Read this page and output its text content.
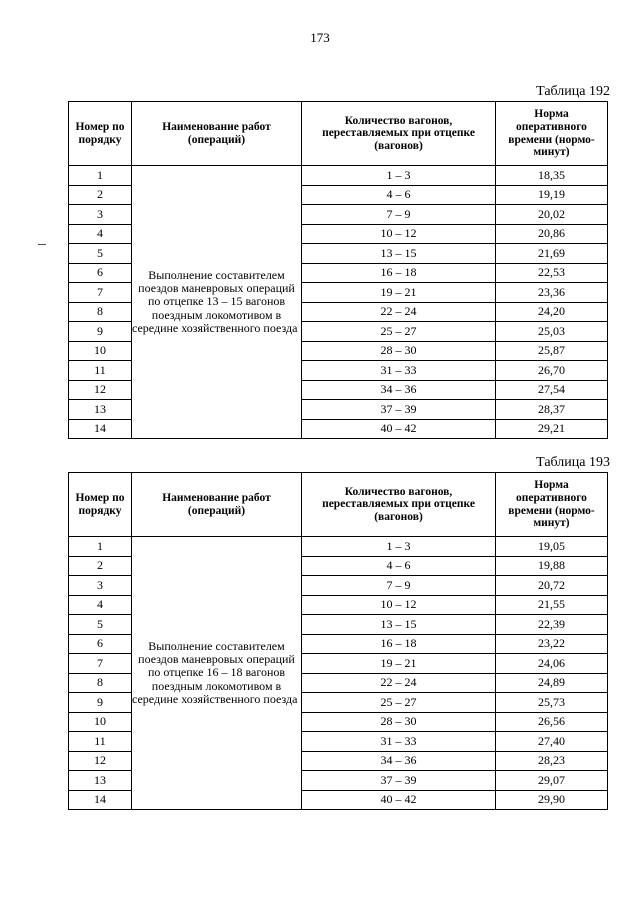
173
Таблица 192
Номер по порядку	Наименование работ (операций)	Количество вагонов, переставляемых при отцепке (вагонов)	Норма оперативного времени (нормо-минут)
1	Выполнение составителем поездов маневровых операций по отцепке 13 – 15 вагонов поездным локомотивом в середине хозяйственного поезда	1 – 3	18,35
2		4 – 6	19,19
3		7 – 9	20,02
4		10 – 12	20,86
5		13 – 15	21,69
6		16 – 18	22,53
7		19 – 21	23,36
8		22 – 24	24,20
9		25 – 27	25,03
10		28 – 30	25,87
11		31 – 33	26,70
12		34 – 36	27,54
13		37 – 39	28,37
14		40 – 42	29,21
Таблица 193
Номер по порядку	Наименование работ (операций)	Количество вагонов, переставляемых при отцепке (вагонов)	Норма оперативного времени (нормо-минут)
1	Выполнение составителем поездов маневровых операций по отцепке 16 – 18 вагонов поездным локомотивом в середине хозяйственного поезда	1 – 3	19,05
2		4 – 6	19,88
3		7 – 9	20,72
4		10 – 12	21,55
5		13 – 15	22,39
6		16 – 18	23,22
7		19 – 21	24,06
8		22 – 24	24,89
9		25 – 27	25,73
10		28 – 30	26,56
11		31 – 33	27,40
12		34 – 36	28,23
13		37 – 39	29,07
14		40 – 42	29,90
